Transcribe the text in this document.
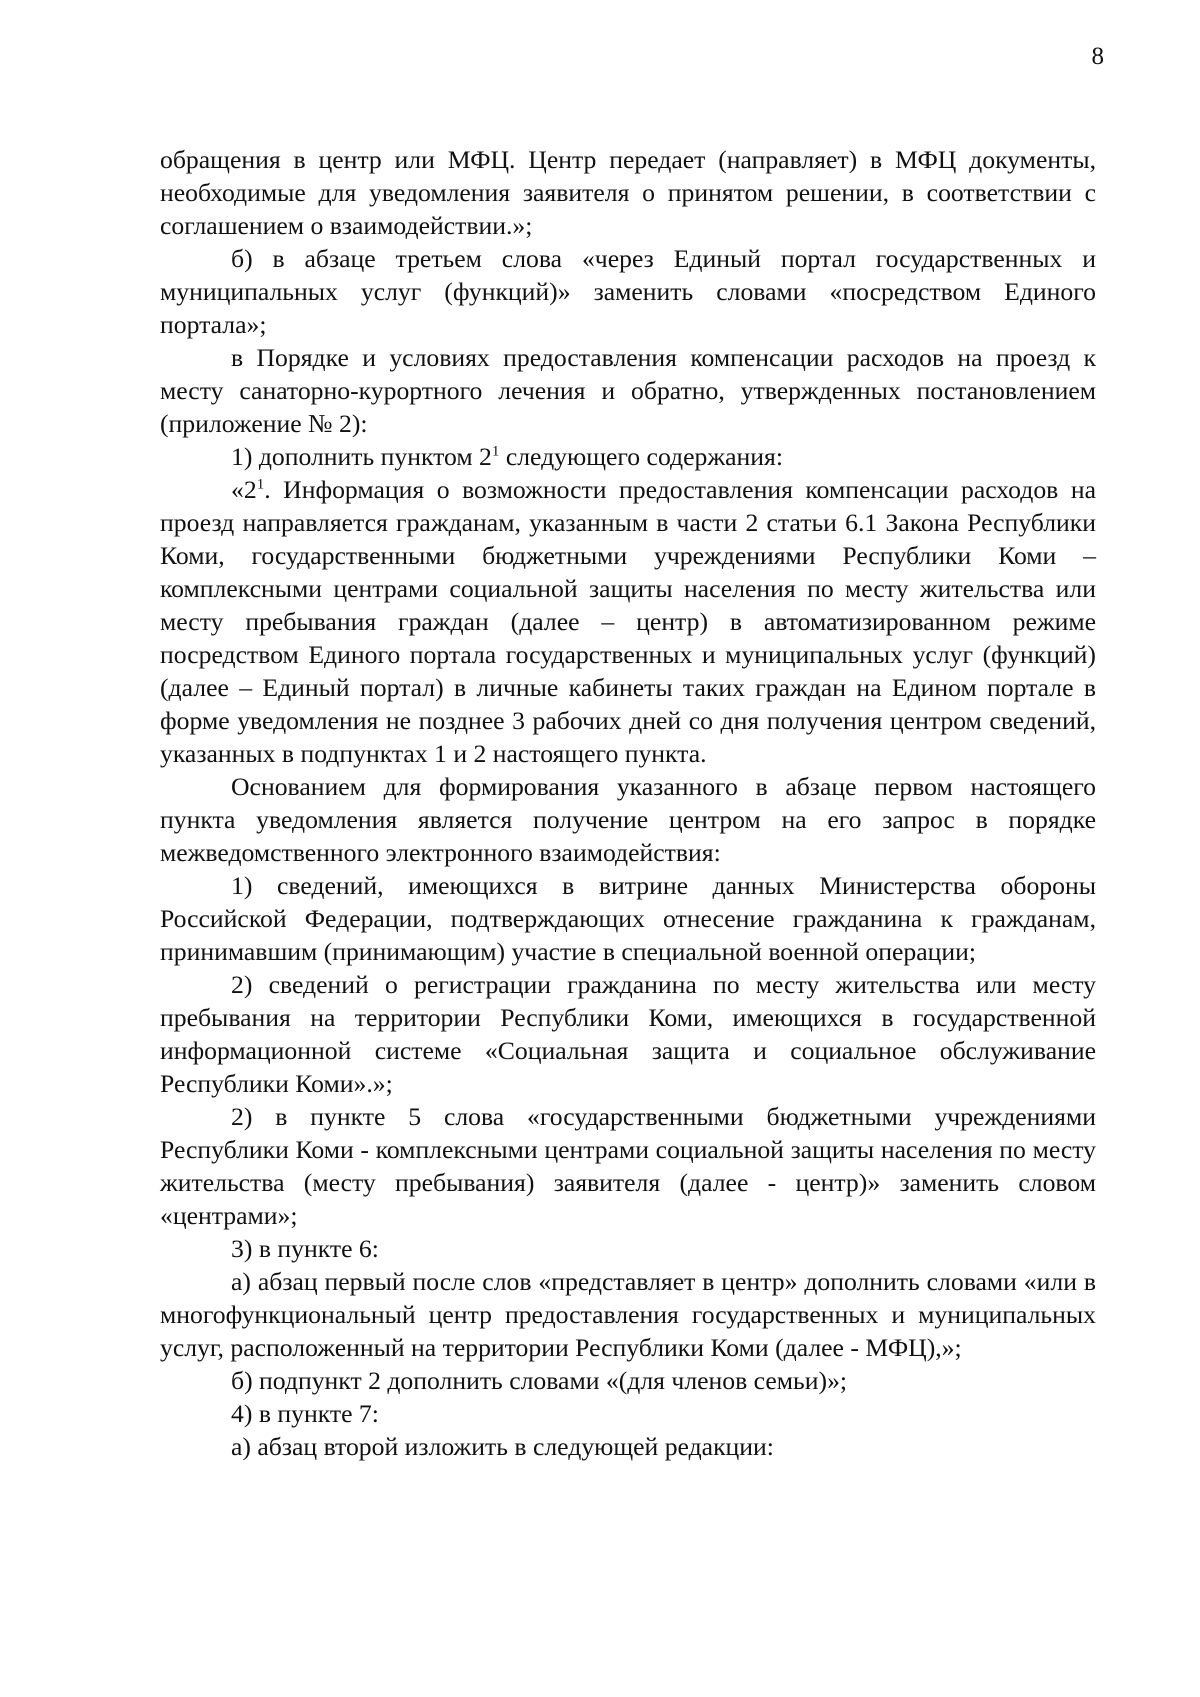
8

обращения в центр или МФЦ. Центр передает (направляет) в МФЦ документы, необходимые для уведомления заявителя о принятом решении, в соответствии с соглашением о взаимодействии.»;

б) в абзаце третьем слова «через Единый портал государственных и муниципальных услуг (функций)» заменить словами «посредством Единого портала»;

в Порядке и условиях предоставления компенсации расходов на проезд к месту санаторно-курортного лечения и обратно, утвержденных постановлением (приложение № 2):

1) дополнить пунктом $2^1$ следующего содержания:

«$2^1$. Информация о возможности предоставления компенсации расходов на проезд направляется гражданам, указанным в части 2 статьи 6.1 Закона Республики Коми, государственными бюджетными учреждениями Республики Коми – комплексными центрами социальной защиты населения по месту жительства или месту пребывания граждан (далее – центр) в автоматизированном режиме посредством Единого портала государственных и муниципальных услуг (функций) (далее – Единый портал) в личные кабинеты таких граждан на Едином портале в форме уведомления не позднее 3 рабочих дней со дня получения центром сведений, указанных в подпунктах 1 и 2 настоящего пункта.

Основанием для формирования указанного в абзаце первом настоящего пункта уведомления является получение центром на его запрос в порядке межведомственного электронного взаимодействия:

1) сведений, имеющихся в витрине данных Министерства обороны Российской Федерации, подтверждающих отнесение гражданина к гражданам, принимавшим (принимающим) участие в специальной военной операции;

2) сведений о регистрации гражданина по месту жительства или месту пребывания на территории Республики Коми, имеющихся в государственной информационной системе «Социальная защита и социальное обслуживание Республики Коми».»;

2) в пункте 5 слова «государственными бюджетными учреждениями Республики Коми - комплексными центрами социальной защиты населения по месту жительства (месту пребывания) заявителя (далее - центр)» заменить словом «центрами»;

3) в пункте 6:

а) абзац первый после слов «представляет в центр» дополнить словами «или в многофункциональный центр предоставления государственных и муниципальных услуг, расположенный на территории Республики Коми (далее - МФЦ),»;

б) подпункт 2 дополнить словами «(для членов семьи)»;

4) в пункте 7:

а) абзац второй изложить в следующей редакции:
